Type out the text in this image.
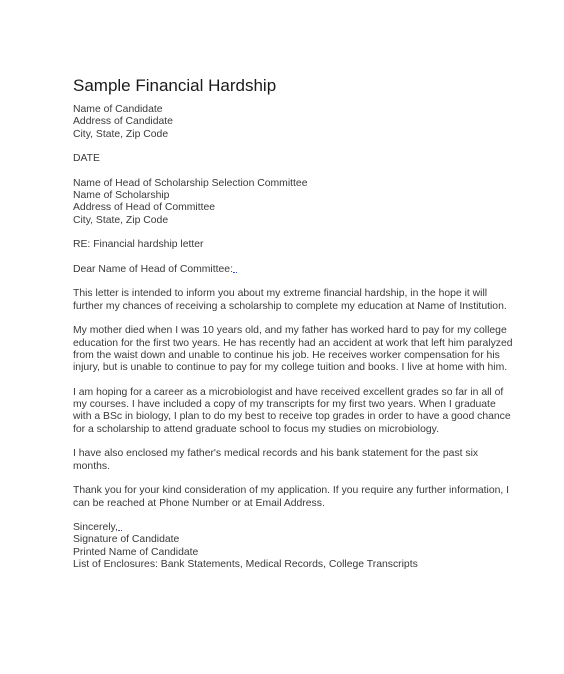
Sample Financial Hardship
Name of Candidate
Address of Candidate
City, State, Zip Code
DATE
Name of Head of Scholarship Selection Committee
Name of Scholarship
Address of Head of Committee
City, State, Zip Code
RE: Financial hardship letter
Dear Name of Head of Committee:
This letter is intended to inform you about my extreme financial hardship, in the hope it will
further my chances of receiving a scholarship to complete my education at Name of Institution.
My mother died when I was 10 years old, and my father has worked hard to pay for my college
education for the first two years. He has recently had an accident at work that left him paralyzed
from the waist down and unable to continue his job. He receives worker compensation for his
injury, but is unable to continue to pay for my college tuition and books. I live at home with him.
I am hoping for a career as a microbiologist and have received excellent grades so far in all of
my courses. I have included a copy of my transcripts for my first two years. When I graduate
with a BSc in biology, I plan to do my best to receive top grades in order to have a good chance
for a scholarship to attend graduate school to focus my studies on microbiology.
I have also enclosed my father's medical records and his bank statement for the past six
months.
Thank you for your kind consideration of my application. If you require any further information, I
can be reached at Phone Number or at Email Address.
Sincerely,
Signature of Candidate
Printed Name of Candidate
List of Enclosures: Bank Statements, Medical Records, College Transcripts
